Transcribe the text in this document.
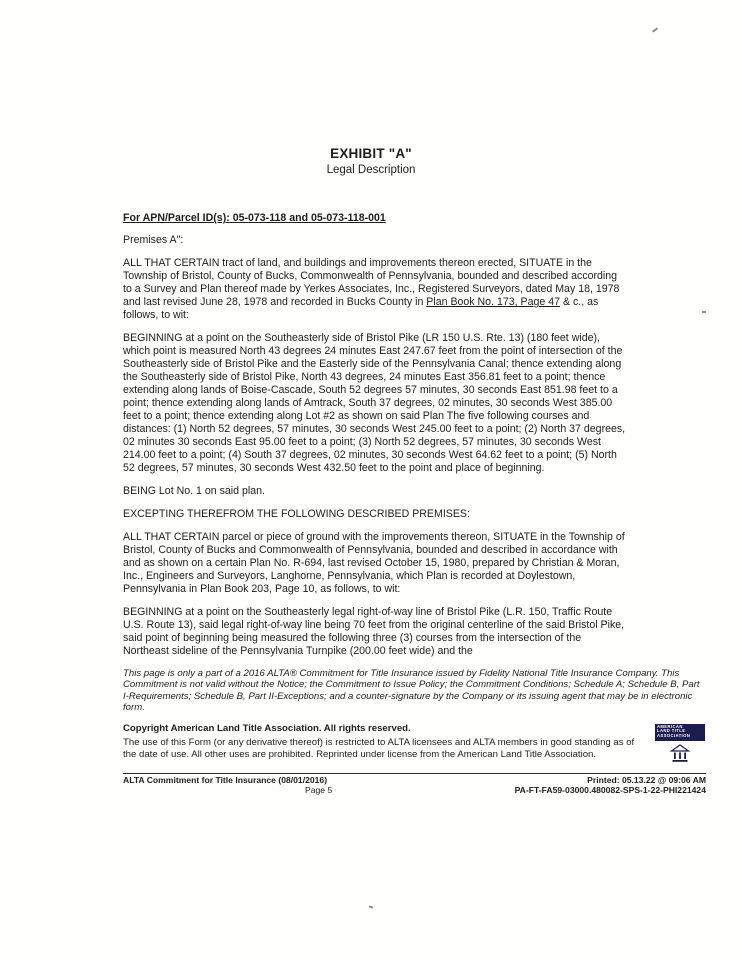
EXHIBIT "A"
Legal Description

For APN/Parcel ID(s): 05-073-118 and 05-073-118-001

Premises A":

ALL THAT CERTAIN tract of land, and buildings and improvements thereon erected, SITUATE in the Township of Bristol, County of Bucks, Commonwealth of Pennsylvania, bounded and described according to a Survey and Plan thereof made by Yerkes Associates, Inc., Registered Surveyors, dated May 18, 1978 and last revised June 28, 1978 and recorded in Bucks County in Plan Book No. 173, Page 47 & c., as follows, to wit:

BEGINNING at a point on the Southeasterly side of Bristol Pike (LR 150 U.S. Rte. 13) (180 feet wide), which point is measured North 43 degrees 24 minutes East 247.67 feet from the point of intersection of the Southeasterly side of Bristol Pike and the Easterly side of the Pennsylvania Canal; thence extending along the Southeasterly side of Bristol Pike, North 43 degrees, 24 minutes East 356.81 feet to a point; thence extending along lands of Boise-Cascade, South 52 degrees 57 minutes, 30 seconds East 851.98 feet to a point; thence extending along lands of Amtrack, South 37 degrees, 02 minutes, 30 seconds West 385.00 feet to a point; thence extending along Lot #2 as shown on said Plan The five following courses and distances: (1) North 52 degrees, 57 minutes, 30 seconds West 245.00 feet to a point; (2) North 37 degrees, 02 minutes 30 seconds East 95.00 feet to a point; (3) North 52 degrees, 57 minutes, 30 seconds West 214.00 feet to a point; (4) South 37 degrees, 02 minutes, 30 seconds West 64.62 feet to a point; (5) North 52 degrees, 57 minutes, 30 seconds West 432.50 feet to the point and place of beginning.

BEING Lot No. 1 on said plan.

EXCEPTING THEREFROM THE FOLLOWING DESCRIBED PREMISES:

ALL THAT CERTAIN parcel or piece of ground with the improvements thereon, SITUATE in the Township of Bristol, County of Bucks and Commonwealth of Pennsylvania, bounded and described in accordance with and as shown on a certain Plan No. R-694, last revised October 15, 1980, prepared by Christian & Moran, Inc., Engineers and Surveyors, Langhorne, Pennsylvania, which Plan is recorded at Doylestown, Pennsylvania in Plan Book 203, Page 10, as follows, to wit:

BEGINNING at a point on the Southeasterly legal right-of-way line of Bristol Pike (L.R. 150, Traffic Route U.S. Route 13), said legal right-of-way line being 70 feet from the original centerline of the said Bristol Pike, said point of beginning being measured the following three (3) courses from the intersection of the Northeast sideline of the Pennsylvania Turnpike (200.00 feet wide) and the

This page is only a part of a 2016 ALTA® Commitment for Title Insurance issued by Fidelity National Title Insurance Company. This Commitment is not valid without the Notice; the Commitment to Issue Policy; the Commitment Conditions; Schedule A; Schedule B, Part I-Requirements; Schedule B, Part II-Exceptions; and a counter-signature by the Company or its issuing agent that may be in electronic form.

Copyright American Land Title Association. All rights reserved.

The use of this Form (or any derivative thereof) is restricted to ALTA licensees and ALTA members in good standing as of the date of use. All other uses are prohibited. Reprinted under license from the American Land Title Association.

AMERICAN
LAND TITLE
ASSOCIATION
ALTA Commitment for Title Insurance (08/01/2016)	Printed: 05.13.22 @ 09:06 AM
Page 5	PA-FT-FA59-03000.480082-SPS-1-22-PHI221424
